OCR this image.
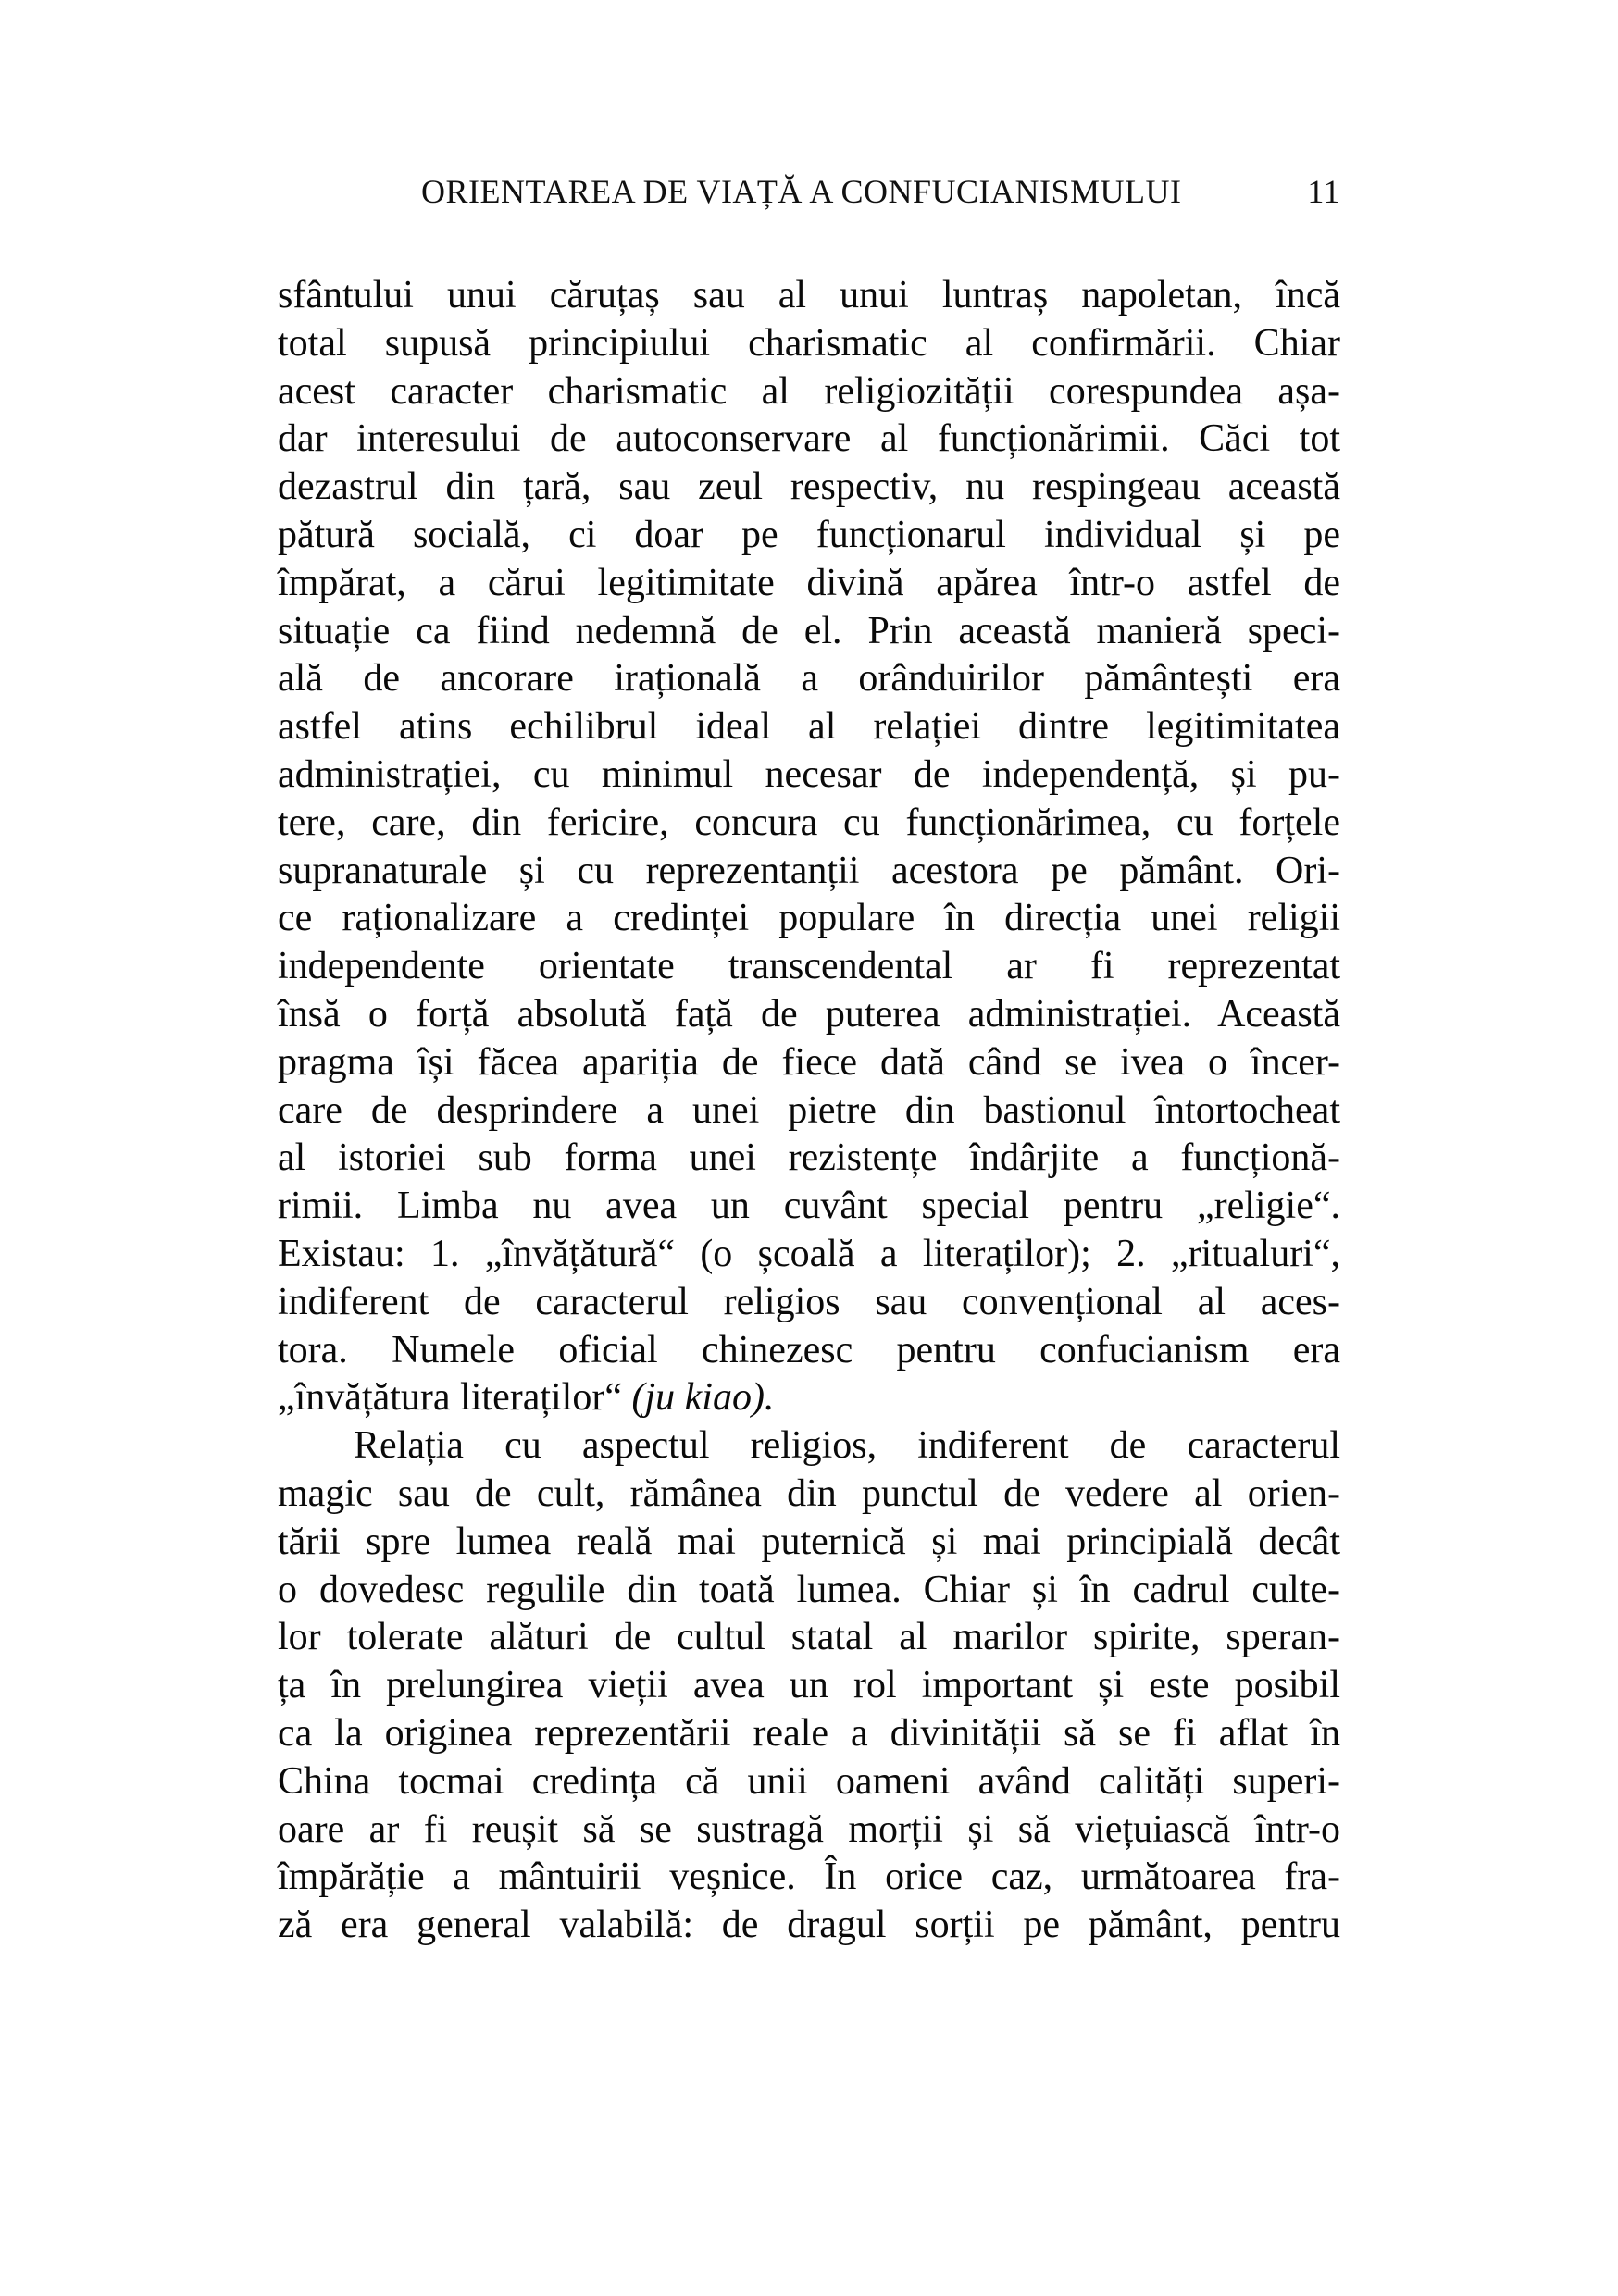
ORIENTAREA DE VIAȚĂ A CONFUCIANISMULUI	11
sfântului unui căruțaș sau al unui luntraș napoletan, încă
total supusă principiului charismatic al confirmării. Chiar
acest caracter charismatic al religiozității corespundea așa-
dar interesului de autoconservare al funcționărimii. Căci tot
dezastrul din țară, sau zeul respectiv, nu respingeau această
pătură socială, ci doar pe funcționarul individual și pe
împărat, a cărui legitimitate divină apărea într-o astfel de
situație ca fiind nedemnă de el. Prin această manieră speci-
ală de ancorare irațională a orânduirilor pământești era
astfel atins echilibrul ideal al relației dintre legitimitatea
administrației, cu minimul necesar de independență, și pu-
tere, care, din fericire, concura cu funcționărimea, cu forțele
supranaturale și cu reprezentanții acestora pe pământ. Ori-
ce raționalizare a credinței populare în direcția unei religii
independente orientate transcendental ar fi reprezentat
însă o forță absolută față de puterea administrației. Această
pragma își făcea apariția de fiece dată când se ivea o încer-
care de desprindere a unei pietre din bastionul întortocheat
al istoriei sub forma unei rezistențe îndârjite a funcționă-
rimii. Limba nu avea un cuvânt special pentru „religie“.
Existau: 1. „învățătură“ (o școală a literaților); 2. „ritualuri“,
indiferent de caracterul religios sau convențional al aces-
tora. Numele oficial chinezesc pentru confucianism era
„învățătura literaților“ (ju kiao).
Relația cu aspectul religios, indiferent de caracterul
magic sau de cult, rămânea din punctul de vedere al orien-
tării spre lumea reală mai puternică și mai principială decât
o dovedesc regulile din toată lumea. Chiar și în cadrul culte-
lor tolerate alături de cultul statal al marilor spirite, speran-
ța în prelungirea vieții avea un rol important și este posibil
ca la originea reprezentării reale a divinității să se fi aflat în
China tocmai credința că unii oameni având calități superi-
oare ar fi reușit să se sustragă morții și să viețuiască într-o
împărăție a mântuirii veșnice. În orice caz, următoarea fra-
ză era general valabilă: de dragul sorții pe pământ, pentru
